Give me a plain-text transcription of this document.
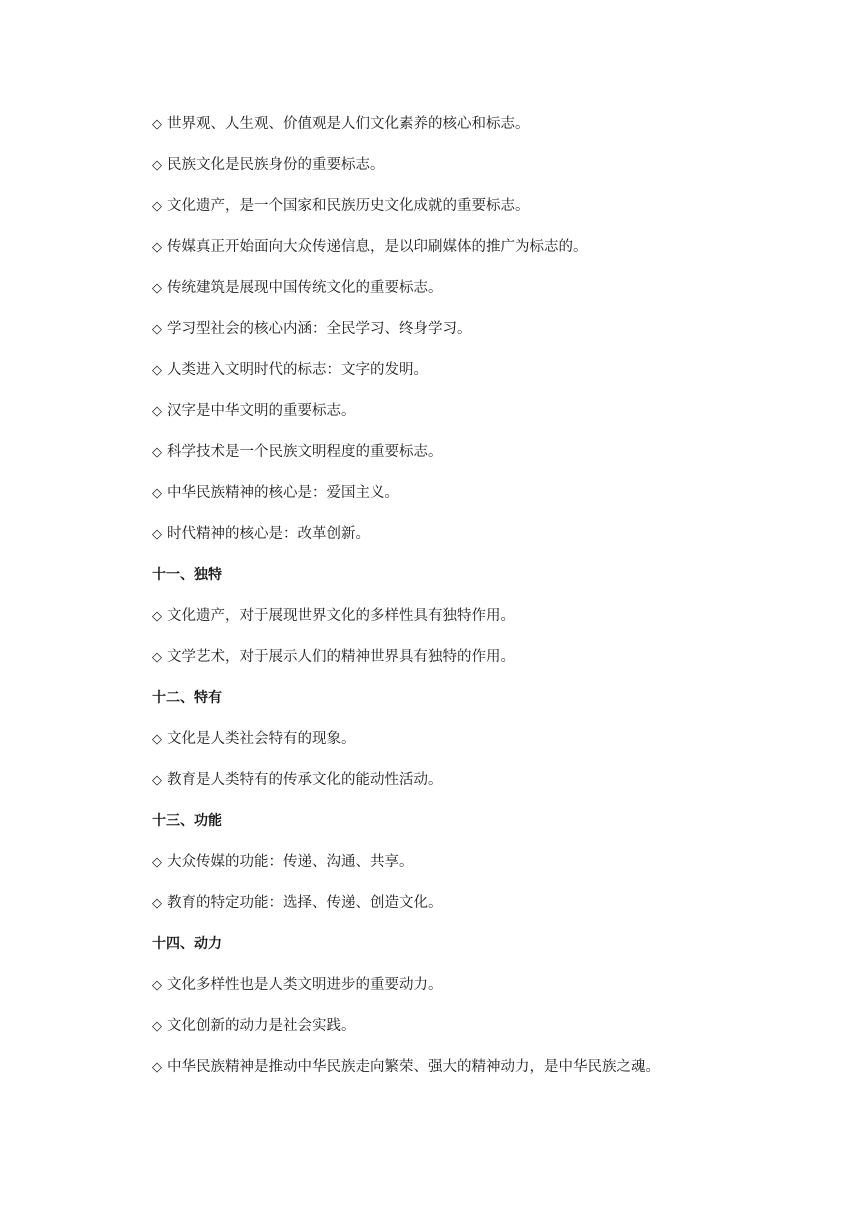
◇ 世界观、人生观、价值观是人们文化素养的核心和标志。
◇ 民族文化是民族身份的重要标志。
◇ 文化遗产，是一个国家和民族历史文化成就的重要标志。
◇ 传媒真正开始面向大众传递信息，是以印刷媒体的推广为标志的。
◇ 传统建筑是展现中国传统文化的重要标志。
◇ 学习型社会的核心内涵：全民学习、终身学习。
◇ 人类进入文明时代的标志：文字的发明。
◇ 汉字是中华文明的重要标志。
◇ 科学技术是一个民族文明程度的重要标志。
◇ 中华民族精神的核心是：爱国主义。
◇ 时代精神的核心是：改革创新。
十一、独特
◇ 文化遗产，对于展现世界文化的多样性具有独特作用。
◇ 文学艺术，对于展示人们的精神世界具有独特的作用。
十二、特有
◇ 文化是人类社会特有的现象。
◇ 教育是人类特有的传承文化的能动性活动。
十三、功能
◇ 大众传媒的功能：传递、沟通、共享。
◇ 教育的特定功能：选择、传递、创造文化。
十四、动力
◇ 文化多样性也是人类文明进步的重要动力。
◇ 文化创新的动力是社会实践。
◇ 中华民族精神是推动中华民族走向繁荣、强大的精神动力，是中华民族之魂。
